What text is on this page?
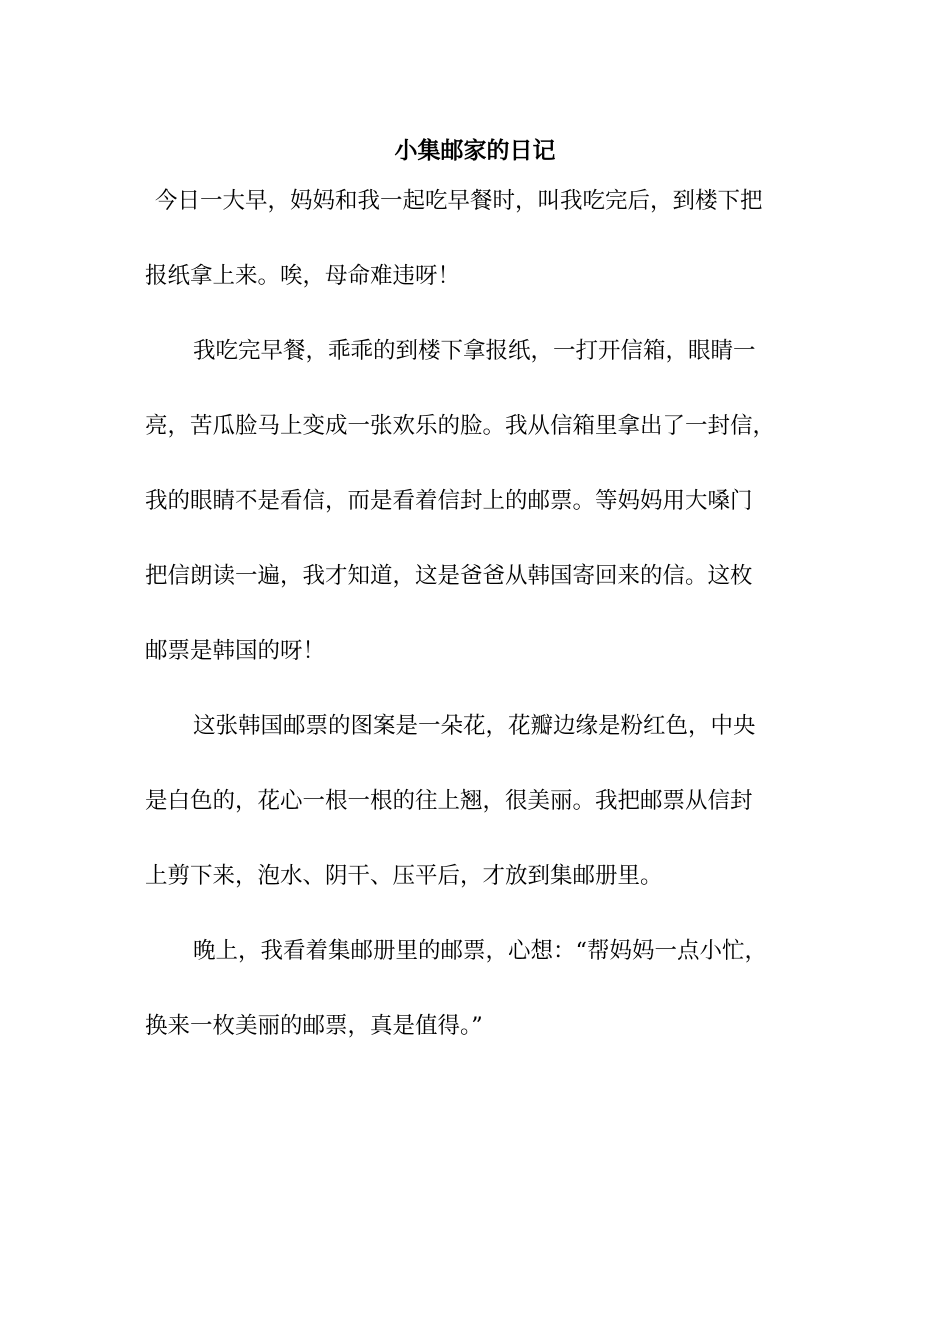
小集邮家的日记

今日一大早，妈妈和我一起吃早餐时，叫我吃完后，到楼下把
报纸拿上来。唉，母命难违呀！

我吃完早餐，乖乖的到楼下拿报纸，一打开信箱，眼睛一
亮，苦瓜脸马上变成一张欢乐的脸。我从信箱里拿出了一封信，
我的眼睛不是看信，而是看着信封上的邮票。等妈妈用大嗓门
把信朗读一遍，我才知道，这是爸爸从韩国寄回来的信。这枚
邮票是韩国的呀！

这张韩国邮票的图案是一朵花，花瓣边缘是粉红色，中央
是白色的，花心一根一根的往上翘，很美丽。我把邮票从信封
上剪下来，泡水、阴干、压平后，才放到集邮册里。

晚上，我看着集邮册里的邮票，心想：“帮妈妈一点小忙，
换来一枚美丽的邮票，真是值得。”
